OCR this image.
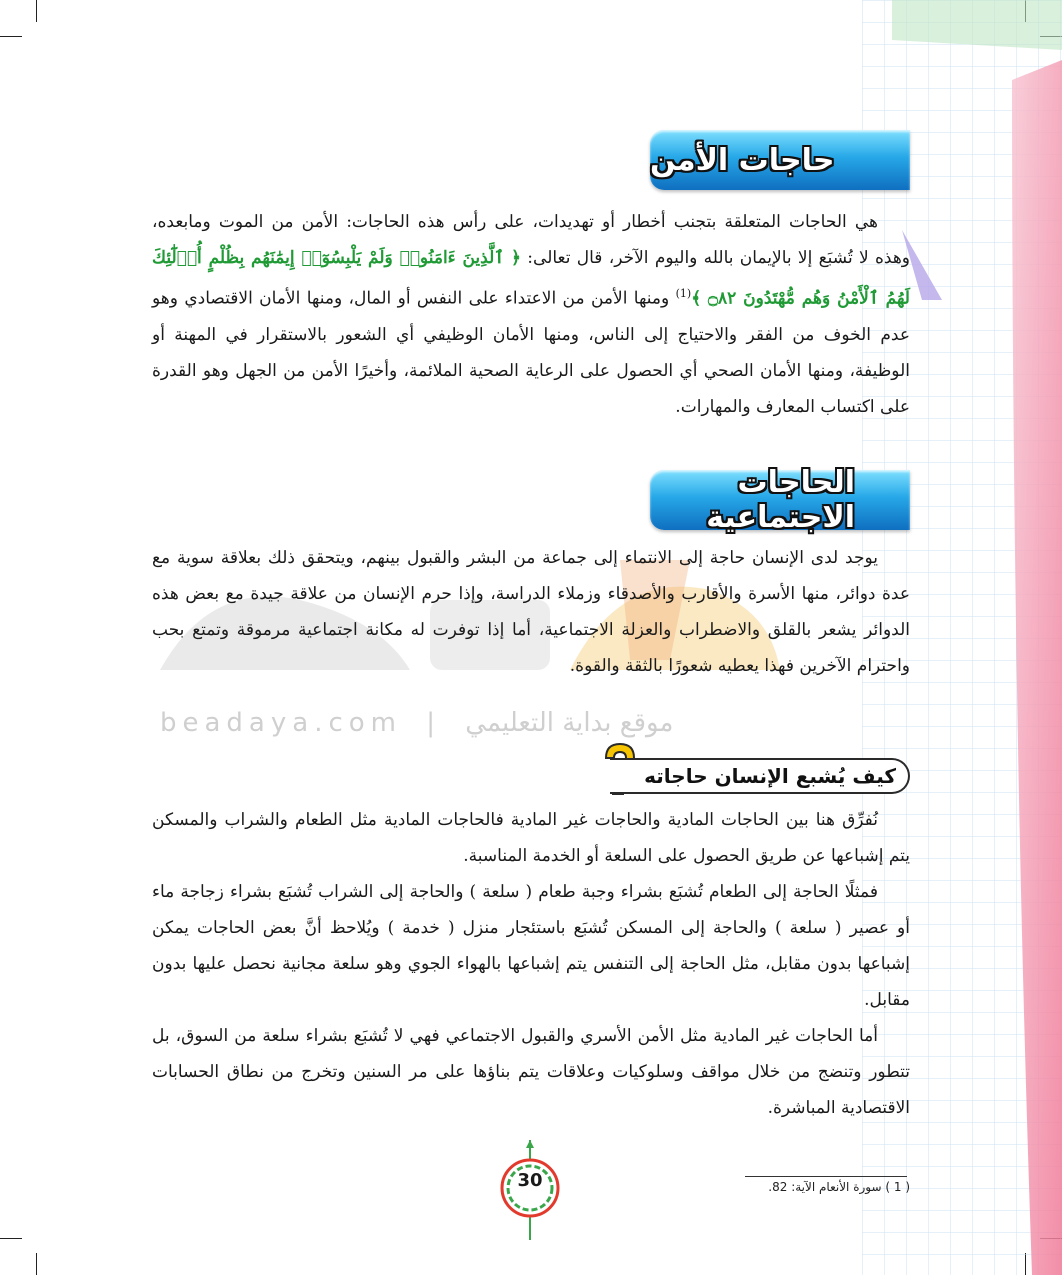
beadaya.com | موقع بداية التعليمي
حاجات الأمن

هي الحاجات المتعلقة بتجنب أخطار أو تهديدات، على رأس هذه الحاجات: الأمن من الموت ومابعده، وهذه لا تُشبَع إلا بالإيمان بالله واليوم الآخر، قال تعالى: ﴿ ٱلَّذِينَ ءَامَنُوا۟ وَلَمْ يَلْبِسُوٓا۟ إِيمَٰنَهُم بِظُلْمٍ أُو۟لَٰٓئِكَ لَهُمُ ٱلْأَمْنُ وَهُم مُّهْتَدُونَ ۝٨٢ ﴾$^{(1)}$ ومنها الأمن من الاعتداء على النفس أو المال، ومنها الأمان الاقتصادي وهو عدم الخوف من الفقر والاحتياج إلى الناس، ومنها الأمان الوظيفي أي الشعور بالاستقرار في المهنة أو الوظيفة، ومنها الأمان الصحي أي الحصول على الرعاية الصحية الملائمة، وأخيرًا الأمن من الجهل وهو القدرة على اكتساب المعارف والمهارات.

الحاجات الاجتماعية

يوجد لدى الإنسان حاجة إلى الانتماء إلى جماعة من البشر والقبول بينهم، ويتحقق ذلك بعلاقة سوية مع عدة دوائر، منها الأسرة والأقارب والأصدقاء وزملاء الدراسة، وإذا حرم الإنسان من علاقة جيدة مع بعض هذه الدوائر يشعر بالقلق والاضطراب والعزلة الاجتماعية، أما إذا توفرت له مكانة اجتماعية مرموقة وتمتع بحب واحترام الآخرين فهذا يعطيه شعورًا بالثقة والقوة.

كيف يُشبع الإنسان حاجاته

نُفرِّق هنا بين الحاجات المادية والحاجات غير المادية فالحاجات المادية مثل الطعام والشراب والمسكن يتم إشباعها عن طريق الحصول على السلعة أو الخدمة المناسبة.

فمثلًا الحاجة إلى الطعام تُشبَع بشراء وجبة طعام ( سلعة ) والحاجة إلى الشراب تُشبَع بشراء زجاجة ماء أو عصير ( سلعة ) والحاجة إلى المسكن تُشبَع باستئجار منزل ( خدمة ) ويُلاحظ أنَّ بعض الحاجات يمكن إشباعها بدون مقابل، مثل الحاجة إلى التنفس يتم إشباعها بالهواء الجوي وهو سلعة مجانية نحصل عليها بدون مقابل.

أما الحاجات غير المادية مثل الأمن الأسري والقبول الاجتماعي فهي لا تُشبَع بشراء سلعة من السوق، بل تتطور وتنضج من خلال مواقف وسلوكيات وعلاقات يتم بناؤها على مر السنين وتخرج من نطاق الحسابات الاقتصادية المباشرة.

30	( 1 ) سورة الأنعام الآية: 82.
